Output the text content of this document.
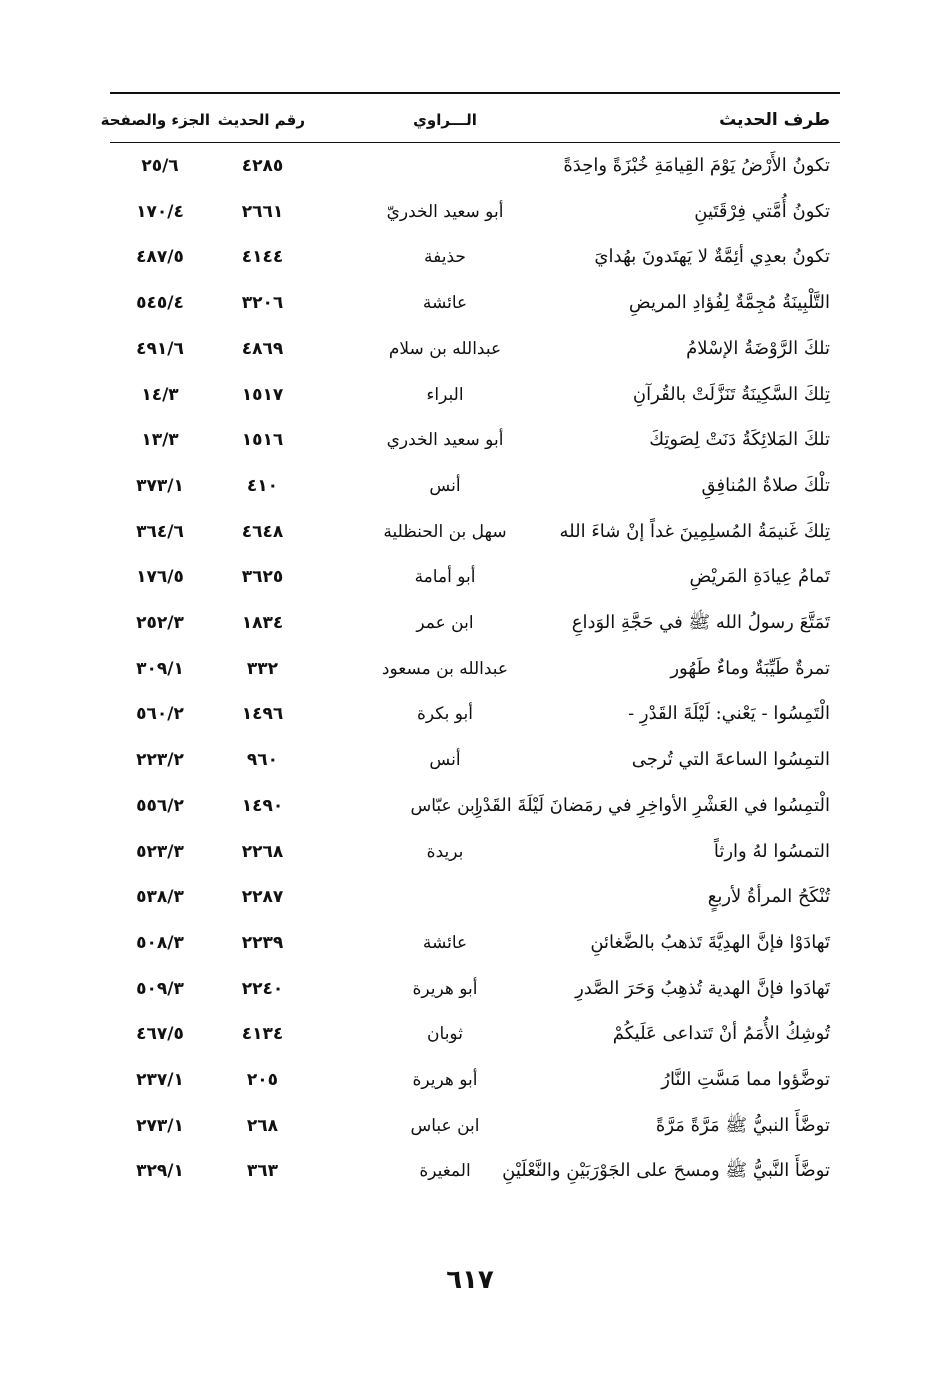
طرف الحديث
الـــراوي
رقم الحديث
الجزء والصفحة
تكونُ الأَرْضُ يَوْمَ القِيامَةِ خُبْزَةً واحِدَةً
٤٢٨٥
٢٥/٦
تكونُ أُمَّتي فِرْقَتَينِ
أبو سعيد الخدريّ
٢٦٦١
١٧٠/٤
تكونُ بعدِي أئِمَّةٌ لا يَهتَدونَ بهُدايَ
حذيفة
٤١٤٤
٤٨٧/٥
التَّلْبِينَةُ مُجِمَّةٌ لِفُؤادِ المريضِ
عائشة
٣٢٠٦
٥٤٥/٤
تلكَ الرَّوْضَةُ الإسْلامُ
عبدالله بن سلام
٤٨٦٩
٤٩١/٦
تِلكَ السَّكِينَةُ تَنَزَّلَتْ بالقُرآنِ
البراء
١٥١٧
١٤/٣
تلكَ المَلائِكَةُ دَنَتْ لِصَوتِكَ
أبو سعيد الخدري
١٥١٦
١٣/٣
تلْكَ صلاةُ المُنافِقِ
أنس
٤١٠
٣٧٣/١
تِلكَ غَنيمَةُ المُسلِمِينَ غداً إنْ شاءَ الله
سهل بن الحنظلية
٤٦٤٨
٣٦٤/٦
تَمامُ عِيادَةِ المَريْضِ
أبو أمامة
٣٦٢٥
١٧٦/٥
تَمَتَّعَ رسولُ الله ﷺ في حَجَّةِ الوَداعِ
ابن عمر
١٨٣٤
٢٥٢/٣
تمرةٌ طَيِّبَةٌ وماءٌ طَهُور
عبدالله بن مسعود
٣٣٢
٣٠٩/١
الْتَمِسُوا - يَعْني: لَيْلَةَ القَدْرِ -
أبو بكرة
١٤٩٦
٥٦٠/٢
التمِسُوا الساعةَ التي تُرجى
أنس
٩٦٠
٢٢٣/٢
الْتمِسُوا في العَشْرِ الأواخِرِ في رمَضانَ لَيْلَةَ القَدْرِ
ابن عبّاس
١٤٩٠
٥٥٦/٢
التمسُوا لهُ وارثاً
بريدة
٢٢٦٨
٥٢٣/٣
تُنْكَحُ المرأةُ لأربعٍ
٢٢٨٧
٥٣٨/٣
تَهادَوْا فإنَّ الهدِيَّةَ تَذهبُ بالضَّغائنِ
عائشة
٢٢٣٩
٥٠٨/٣
تَهادَوا فإنَّ الهدية تُذهِبُ وَحَرَ الصَّدرِ
أبو هريرة
٢٢٤٠
٥٠٩/٣
تُوشِكُ الأُمَمُ أنْ تَتداعى عَلَيكُمْ
ثوبان
٤١٣٤
٤٦٧/٥
توضَّؤوا مما مَسَّتِ النَّارُ
أبو هريرة
٢٠٥
٢٣٧/١
توضَّأَ النبيُّ ﷺ مَرَّةً مَرَّةً
ابن عباس
٢٦٨
٢٧٣/١
توضَّأَ النَّبيُّ ﷺ ومسحَ على الجَوْرَبَيْنِ والنَّعْلَيْنِ
المغيرة
٣٦٣
٣٢٩/١
٦١٧
